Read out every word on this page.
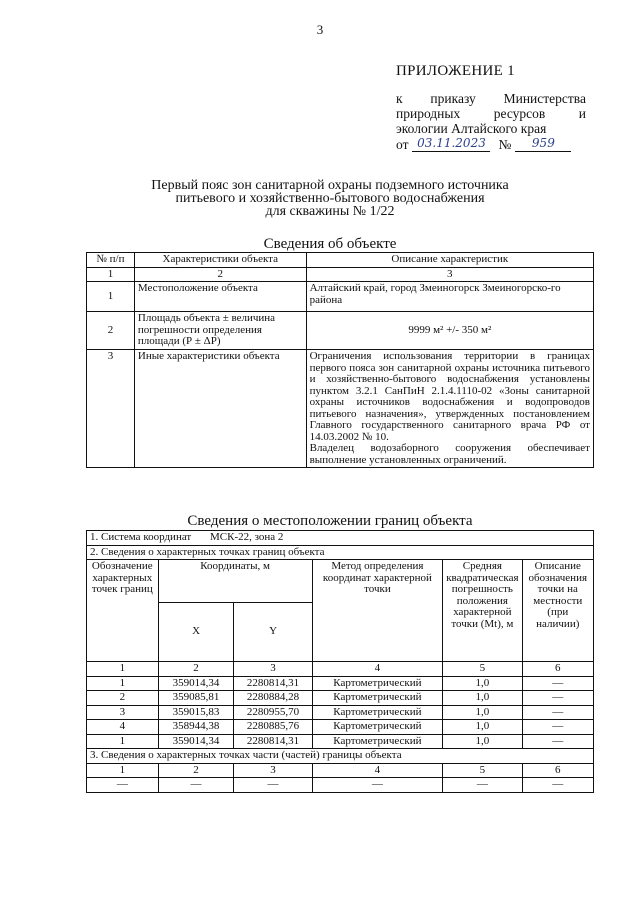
3
ПРИЛОЖЕНИЕ 1
к приказу Министерства
природных ресурсов и
экологии Алтайского края
от 03.11.2023 №	959
Первый пояс зон санитарной охраны подземного источника
питьевого и хозяйственно-бытового водоснабжения
для скважины № 1/22
Сведения об объекте
№ п/п	Характеристики объекта	Описание характеристик
1	2	3
1	Местоположение объекта	Алтайский край, город Змеиногорск Змеиногорско-го района
2	Площадь объекта ± величина погрешности определения площади (Р ± ΔР)	9999 м² +/- 350 м²
3	Иные характеристики объекта	Ограничения использования территории в границах первого пояса зон санитарной охраны источника питьевого и хозяйственно-бытового водоснабжения установлены пунктом 3.2.1 СанПиН 2.1.4.1110-02 «Зоны санитарной охраны источников водоснабжения и водопроводов питьевого назначения», утвержденных постановлением Главного государственного санитарного врача РФ от 14.03.2002 № 10.
Владелец водозаборного сооружения обеспечивает выполнение установленных ограничений.
Сведения о местоположении границ объекта
1. Система координат МСК-22, зона 2					
2. Сведения о характерных точках границ объекта					
Обозначение характерных точек границ	Координаты, м		Метод определения координат характерной точки	Средняя квадратическая погрешность положения характерной точки (Mt), м	Описание обозначения точки на местности (при наличии)
	X	Y			
1	2	3	4	5	6
1	359014,34	2280814,31	Картометрический	1,0	—
2	359085,81	2280884,28	Картометрический	1,0	—
3	359015,83	2280955,70	Картометрический	1,0	—
4	358944,38	2280885,76	Картометрический	1,0	—
1	359014,34	2280814,31	Картометрический	1,0	—
3. Сведения о характерных точках части (частей) границы объекта					
1	2	3	4	5	6
—	—	—	—	—	—
